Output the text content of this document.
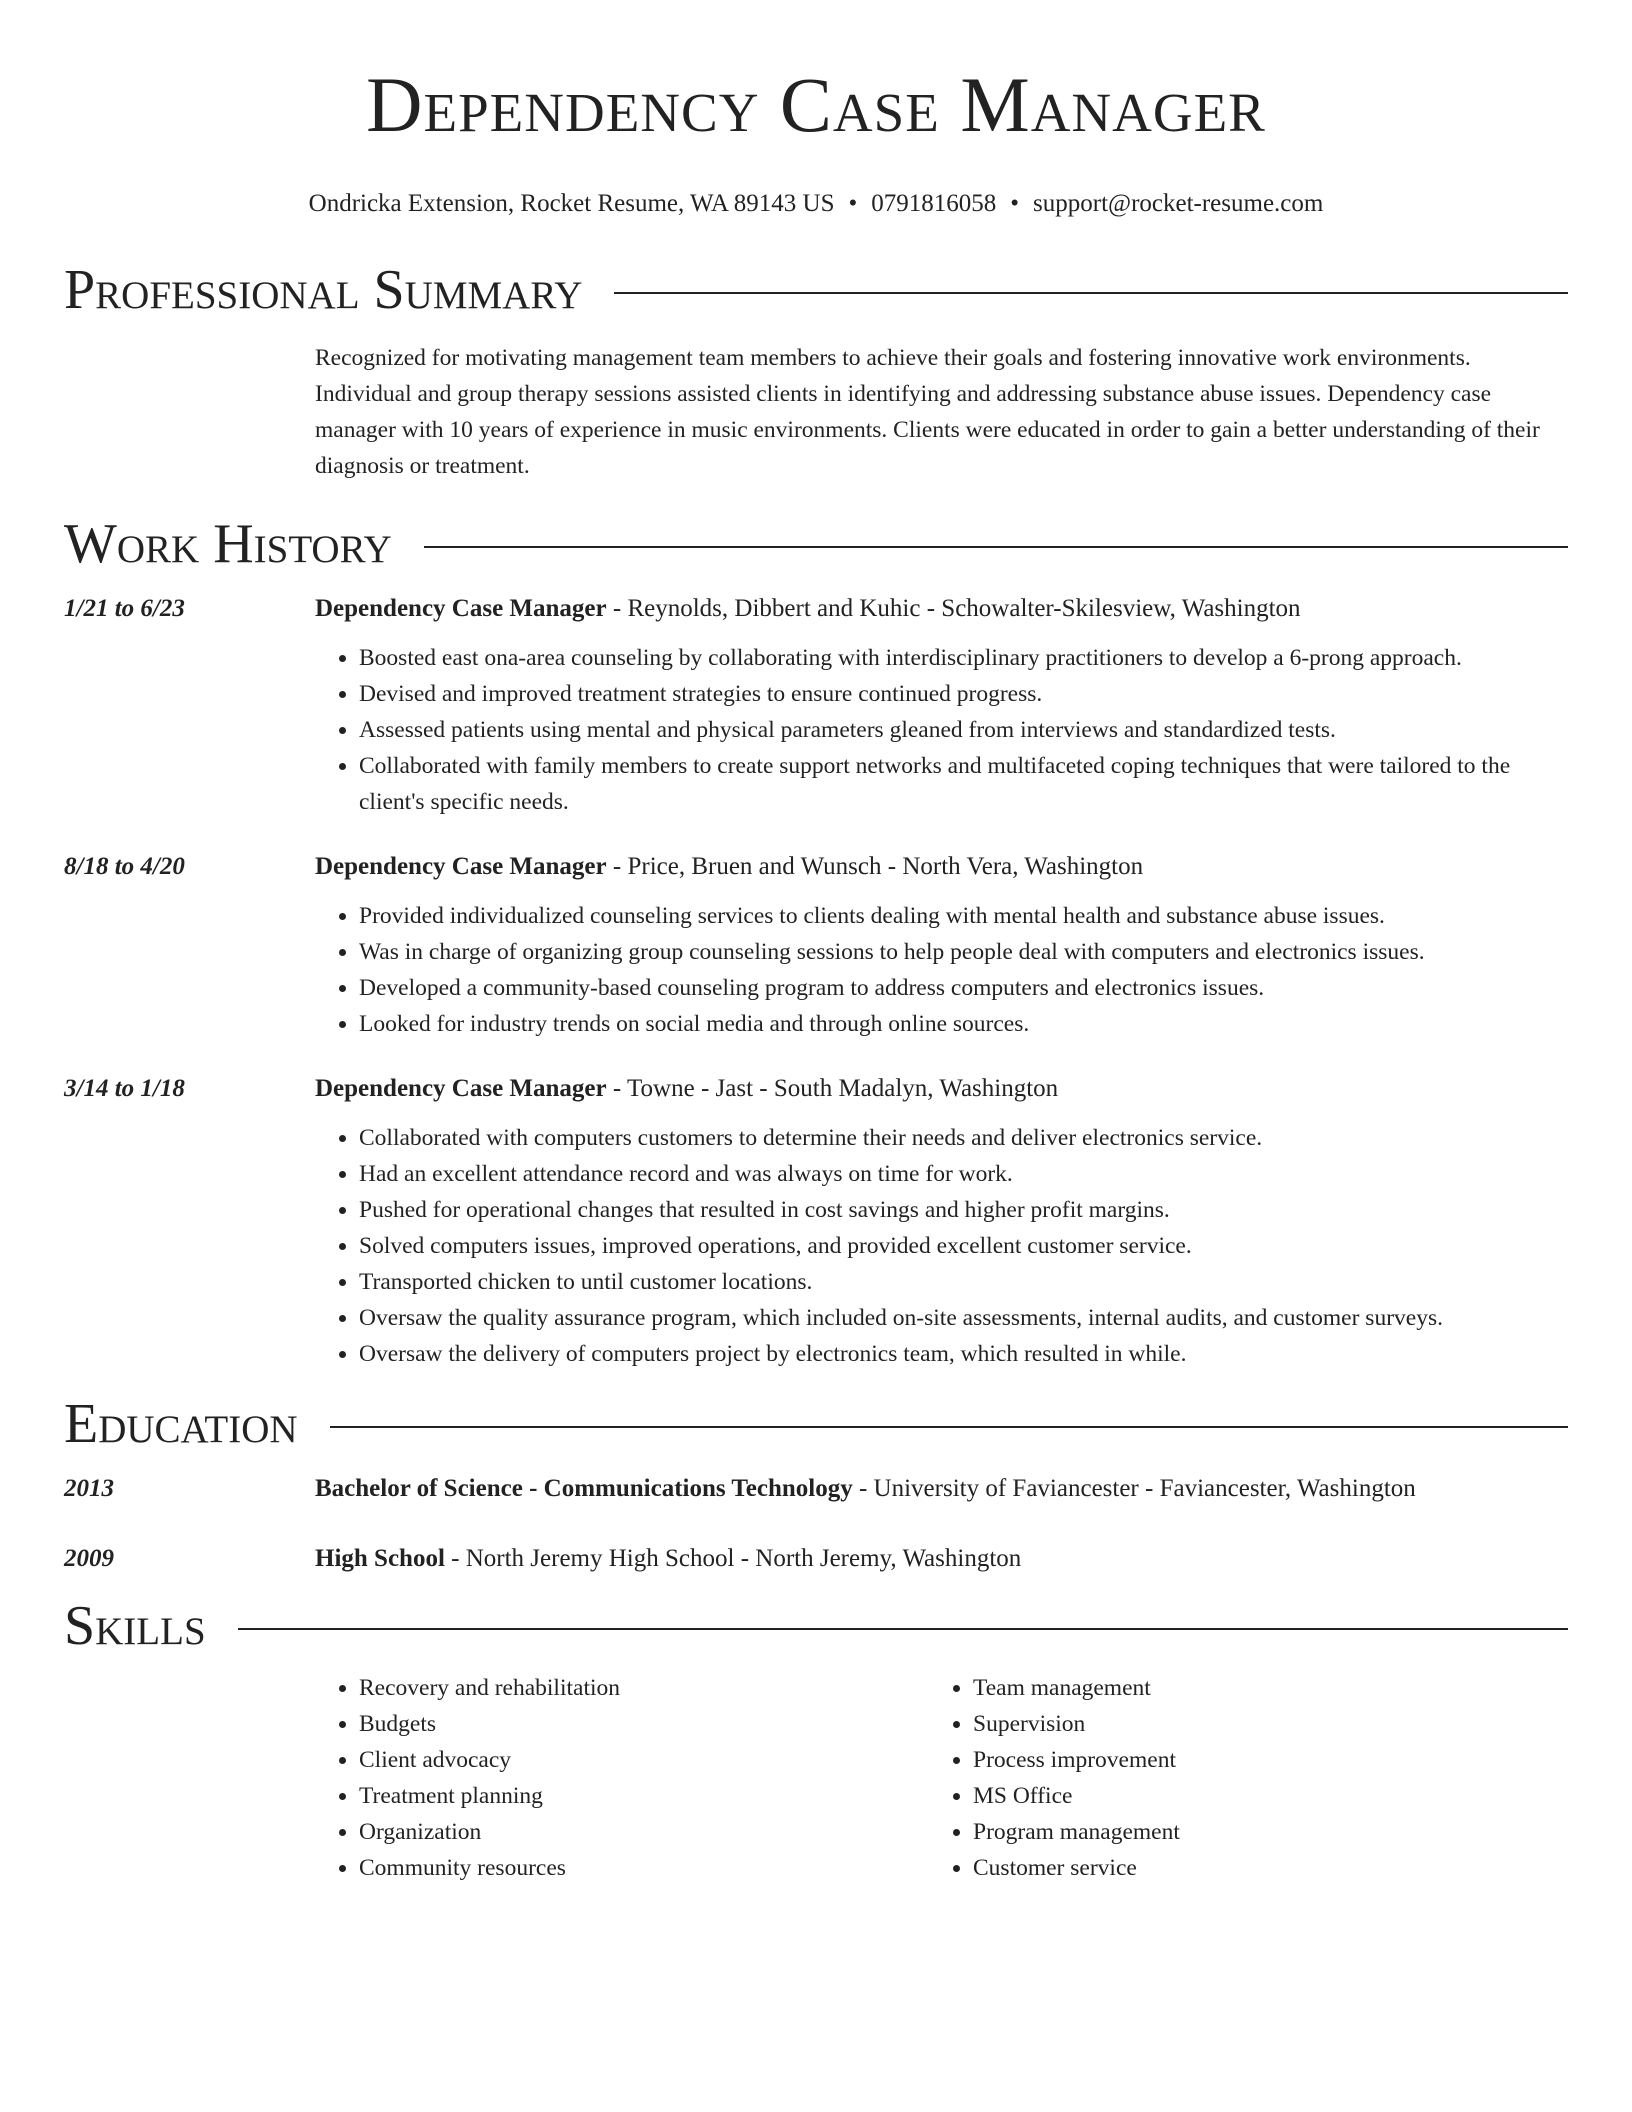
Dependency Case Manager
Ondricka Extension, Rocket Resume, WA 89143 US • 0791816058 • support@rocket-resume.com
Professional Summary
Recognized for motivating management team members to achieve their goals and fostering innovative work environments. Individual and group therapy sessions assisted clients in identifying and addressing substance abuse issues. Dependency case manager with 10 years of experience in music environments. Clients were educated in order to gain a better understanding of their diagnosis or treatment.
Work History
1/21 to 6/23	Dependency Case Manager - Reynolds, Dibbert and Kuhic - Schowalter-Skilesview, Washington
• Boosted east ona-area counseling by collaborating with interdisciplinary practitioners to develop a 6-prong approach.
• Devised and improved treatment strategies to ensure continued progress.
• Assessed patients using mental and physical parameters gleaned from interviews and standardized tests.
• Collaborated with family members to create support networks and multifaceted coping techniques that were tailored to the client's specific needs.
8/18 to 4/20	Dependency Case Manager - Price, Bruen and Wunsch - North Vera, Washington
• Provided individualized counseling services to clients dealing with mental health and substance abuse issues.
• Was in charge of organizing group counseling sessions to help people deal with computers and electronics issues.
• Developed a community-based counseling program to address computers and electronics issues.
• Looked for industry trends on social media and through online sources.
3/14 to 1/18	Dependency Case Manager - Towne - Jast - South Madalyn, Washington
• Collaborated with computers customers to determine their needs and deliver electronics service.
• Had an excellent attendance record and was always on time for work.
• Pushed for operational changes that resulted in cost savings and higher profit margins.
• Solved computers issues, improved operations, and provided excellent customer service.
• Transported chicken to until customer locations.
• Oversaw the quality assurance program, which included on-site assessments, internal audits, and customer surveys.
• Oversaw the delivery of computers project by electronics team, which resulted in while.
Education
2013	Bachelor of Science - Communications Technology - University of Faviancester - Faviancester, Washington
2009	High School - North Jeremy High School - North Jeremy, Washington
Skills
• Recovery and rehabilitation
• Budgets
• Client advocacy
• Treatment planning
• Organization
• Community resources
• Team management
• Supervision
• Process improvement
• MS Office
• Program management
• Customer service
